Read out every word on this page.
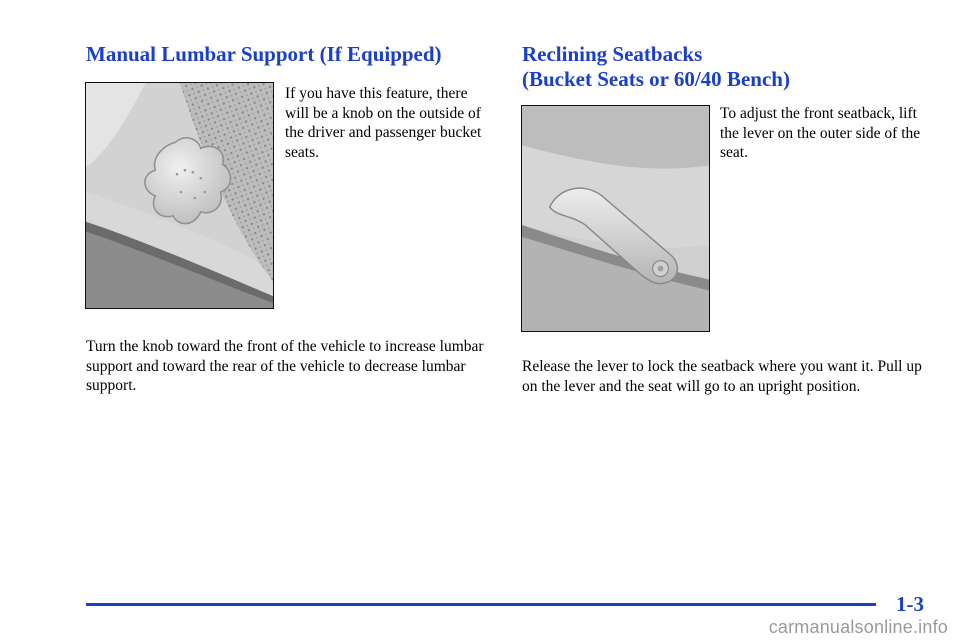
Manual Lumbar Support (If Equipped)

If you have this feature, there will be a knob on the outside of the driver and passenger bucket seats.

Turn the knob toward the front of the vehicle to increase lumbar support and toward the rear of the vehicle to decrease lumbar support.

Reclining Seatbacks
(Bucket Seats or 60/40 Bench)

To adjust the front seatback, lift the lever on the outer side of the seat.

Release the lever to lock the seatback where you want it. Pull up on the lever and the seat will go to an upright position.

1-3
carmanualsonline.info
